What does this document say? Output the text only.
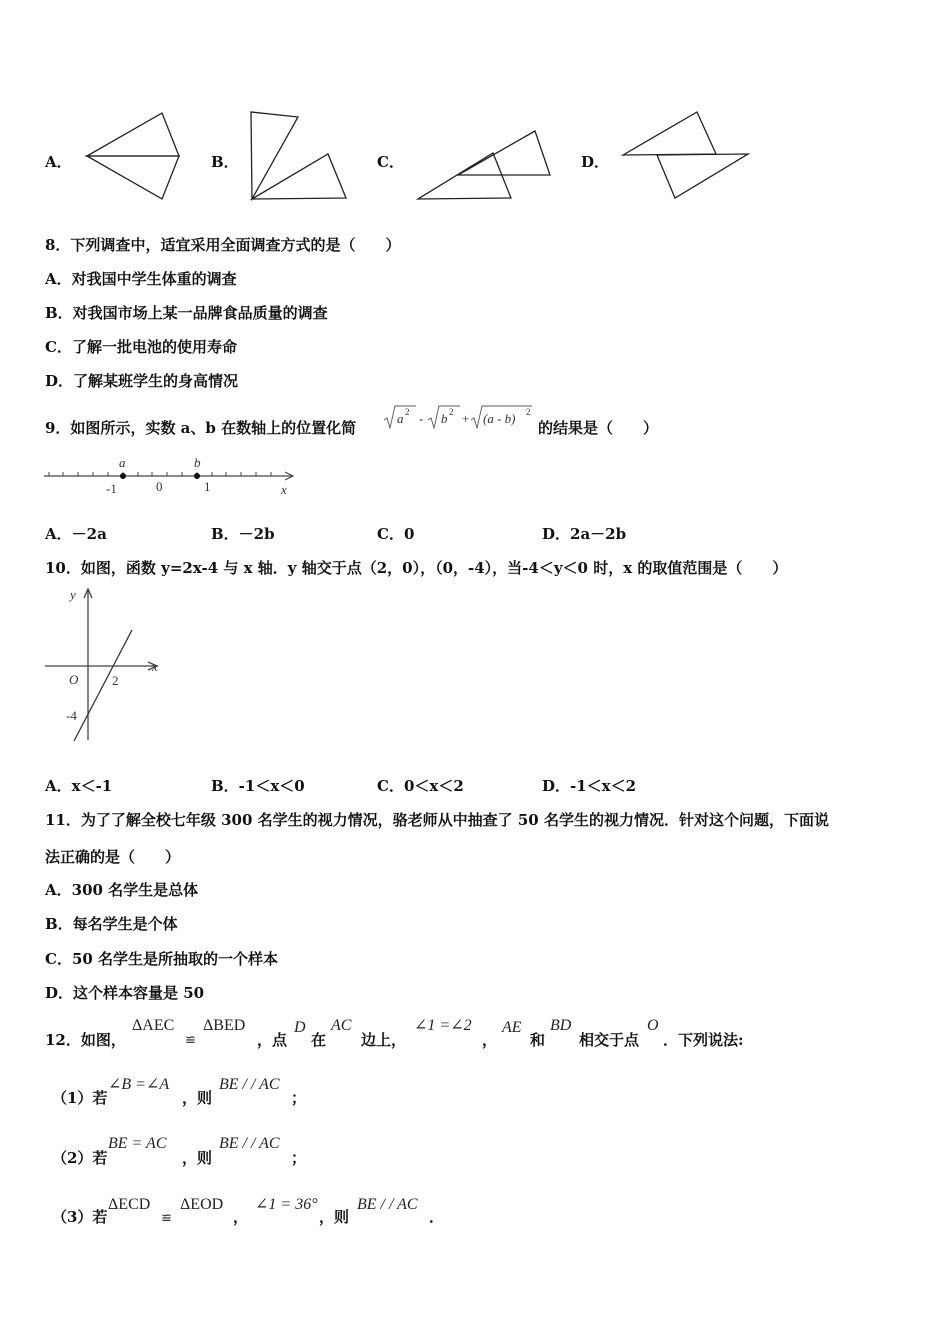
A．	B．	C．	D．
8．下列调查中，适宜采用全面调查方式的是（　　）
A．对我国中学生体重的调查
B．对我国市场上某一品牌食品质量的调查
C．了解一批电池的使用寿命
D．了解某班学生的身高情况
9．如图所示，实数 a、b 在数轴上的位置化简
a 2 - b 2 + (a - b) 2
的结果是（　　）
a	b
-1	0	1	x
A．－2a	B．－2b	C．0	D．2a－2b
10．如图，函数 y=2x-4 与 x 轴．y 轴交于点（2，0），（0，-4），当-4＜y＜0 时，x 的取值范围是（　　）
y
x
O	2
-4
A．x＜-1	B．-1＜x＜0	C．0＜x＜2	D．-1＜x＜2
11．为了了解全校七年级 300 名学生的视力情况，骆老师从中抽查了 50 名学生的视力情况．针对这个问题，下面说
法正确的是（　　）
A．300 名学生是总体
B．每名学生是个体
C．50 名学生是所抽取的一个样本
D．这个样本容量是 50
12．如图，
ΔAEC
≌
ΔBED
，点
D
在
AC
边上，
∠1 =∠2
，
AE
和
BD
相交于点
O
．下列说法:
（1）若
∠B =∠A
，则
BE / / AC
；
（2）若
BE = AC
，则
BE / / AC
；
（3）若
ΔECD
≌
ΔEOD
，
∠1 = 36°
，则
BE / / AC
．
